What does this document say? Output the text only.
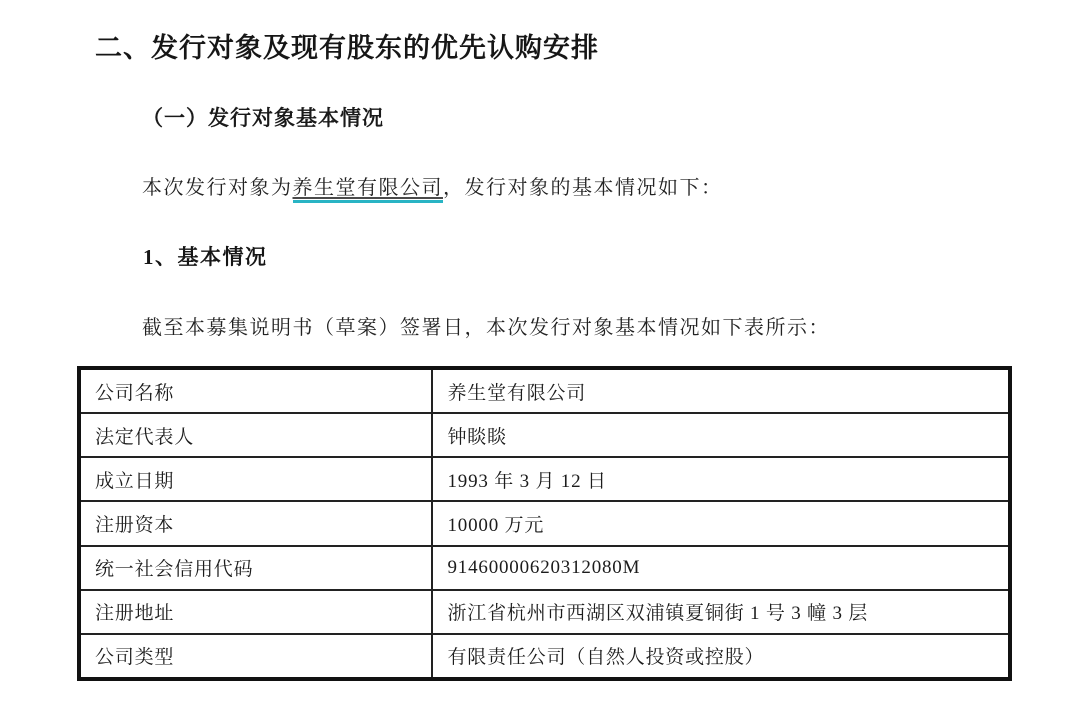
二、发行对象及现有股东的优先认购安排
（一）发行对象基本情况
本次发行对象为养生堂有限公司，发行对象的基本情况如下：
1、基本情况
截至本募集说明书（草案）签署日，本次发行对象基本情况如下表所示：
公司名称	养生堂有限公司
法定代表人	钟睒睒
成立日期	1993 年 3 月 12 日
注册资本	10000 万元
统一社会信用代码	91460000620312080M
注册地址	浙江省杭州市西湖区双浦镇夏铜街 1 号 3 幢 3 层
公司类型	有限责任公司（自然人投资或控股）
